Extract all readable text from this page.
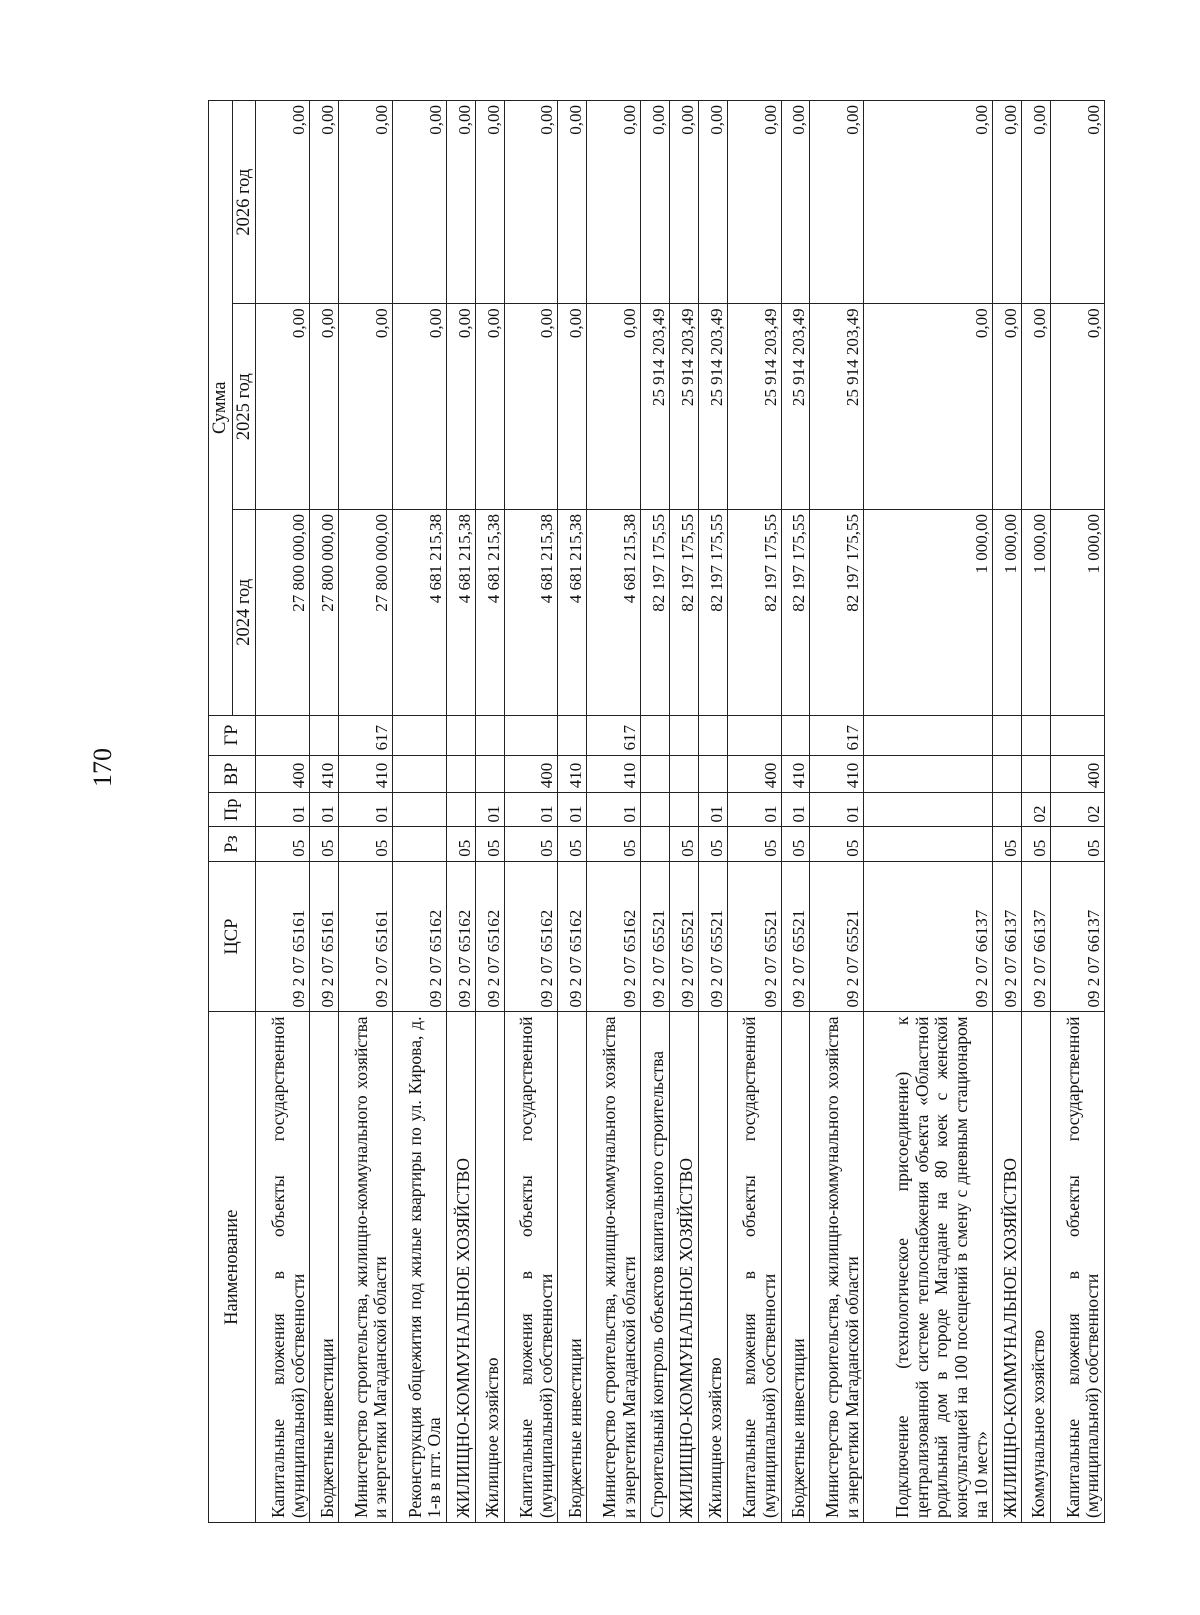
170
Наименование	ЦСР	Рз	Пр	ВР	ГР	Сумма		
						2024 год	2025 год	2026 год
Капитальные вложения в объекты государственной (муниципальной) собственности	09 2 07 65161	05	01	400		27 800 000,00	0,00	0,00
Бюджетные инвестиции	09 2 07 65161	05	01	410		27 800 000,00	0,00	0,00
Министерство строительства, жилищно-коммунального хозяйства и энергетики Магаданской области	09 2 07 65161	05	01	410	617	27 800 000,00	0,00	0,00
Реконструкция общежития под жилые квартиры по ул. Кирова, д. 1-в в пгт. Ола	09 2 07 65162					4 681 215,38	0,00	0,00
ЖИЛИЩНО-КОММУНАЛЬНОЕ ХОЗЯЙСТВО	09 2 07 65162	05				4 681 215,38	0,00	0,00
Жилищное хозяйство	09 2 07 65162	05	01			4 681 215,38	0,00	0,00
Капитальные вложения в объекты государственной (муниципальной) собственности	09 2 07 65162	05	01	400		4 681 215,38	0,00	0,00
Бюджетные инвестиции	09 2 07 65162	05	01	410		4 681 215,38	0,00	0,00
Министерство строительства, жилищно-коммунального хозяйства и энергетики Магаданской области	09 2 07 65162	05	01	410	617	4 681 215,38	0,00	0,00
Строительный контроль объектов капитального строительства	09 2 07 65521					82 197 175,55	25 914 203,49	0,00
ЖИЛИЩНО-КОММУНАЛЬНОЕ ХОЗЯЙСТВО	09 2 07 65521	05				82 197 175,55	25 914 203,49	0,00
Жилищное хозяйство	09 2 07 65521	05	01			82 197 175,55	25 914 203,49	0,00
Капитальные вложения в объекты государственной (муниципальной) собственности	09 2 07 65521	05	01	400		82 197 175,55	25 914 203,49	0,00
Бюджетные инвестиции	09 2 07 65521	05	01	410		82 197 175,55	25 914 203,49	0,00
Министерство строительства, жилищно-коммунального хозяйства и энергетики Магаданской области	09 2 07 65521	05	01	410	617	82 197 175,55	25 914 203,49	0,00
Подключение (технологическое присоединение) к централизованной системе теплоснабжения объекта «Областной родильный дом в городе Магадане на 80 коек с женской консультацией на 100 посещений в смену с дневным стационаром на 10 мест»	09 2 07 66137					1 000,00	0,00	0,00
ЖИЛИЩНО-КОММУНАЛЬНОЕ ХОЗЯЙСТВО	09 2 07 66137	05				1 000,00	0,00	0,00
Коммунальное хозяйство	09 2 07 66137	05	02			1 000,00	0,00	0,00
Капитальные вложения в объекты государственной (муниципальной) собственности	09 2 07 66137	05	02	400		1 000,00	0,00	0,00
